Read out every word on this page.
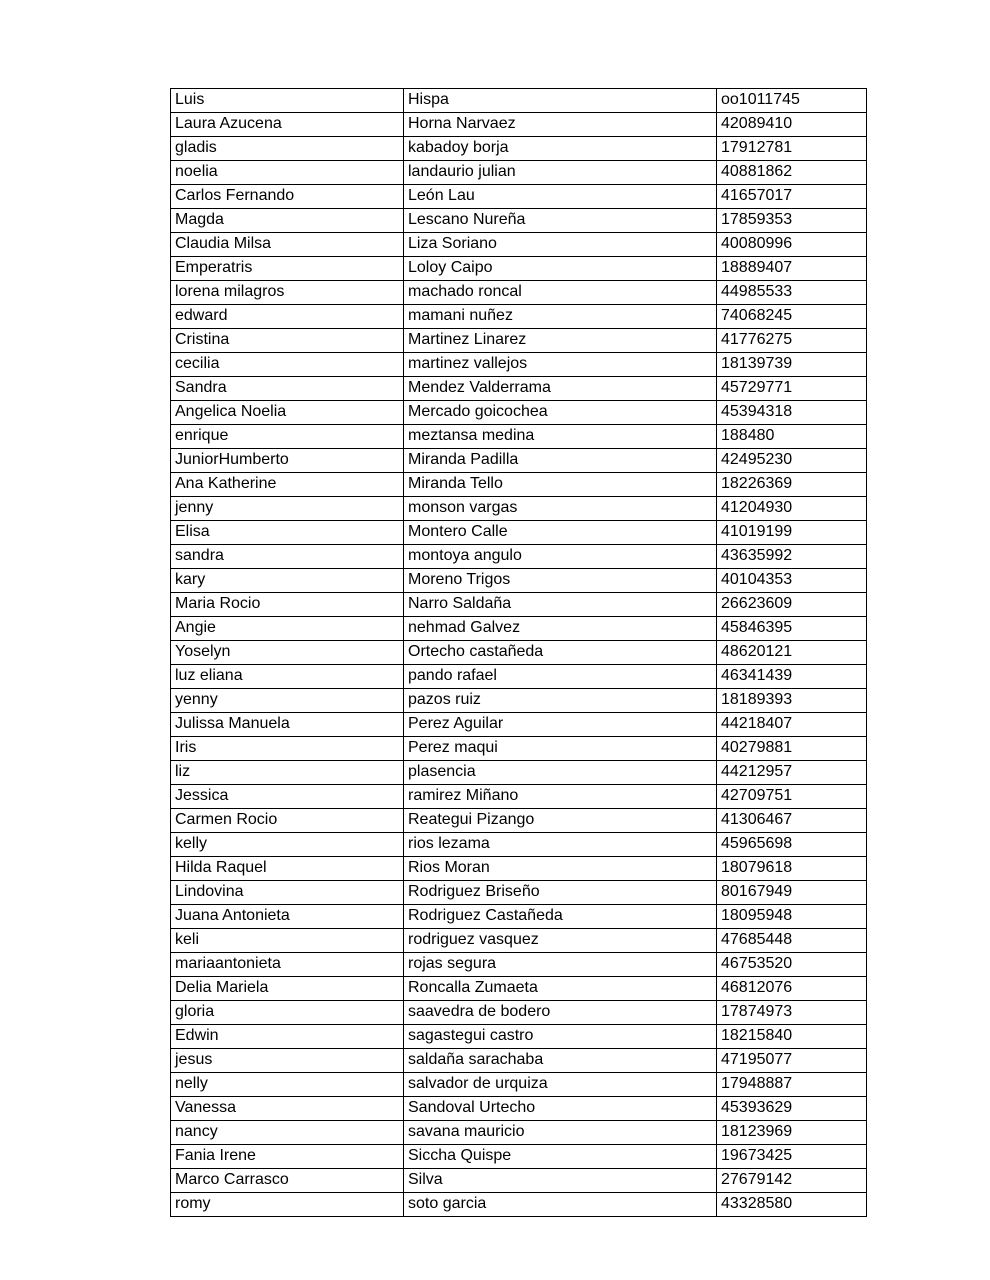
Luis	Hispa	oo1011745
Laura Azucena	Horna Narvaez	42089410
gladis	kabadoy borja	17912781
noelia	landaurio julian	40881862
Carlos Fernando	León Lau	41657017
Magda	Lescano Nureña	17859353
Claudia Milsa	Liza Soriano	40080996
Emperatris	Loloy Caipo	18889407
lorena milagros	machado roncal	44985533
edward	mamani nuñez	74068245
Cristina	Martinez Linarez	41776275
cecilia	martinez vallejos	18139739
Sandra	Mendez Valderrama	45729771
Angelica Noelia	Mercado goicochea	45394318
enrique	meztansa medina	188480
JuniorHumberto	Miranda Padilla	42495230
Ana Katherine	Miranda Tello	18226369
jenny	monson vargas	41204930
Elisa	Montero Calle	41019199
sandra	montoya angulo	43635992
kary	Moreno Trigos	40104353
Maria Rocio	Narro Saldaña	26623609
Angie	nehmad Galvez	45846395
Yoselyn	Ortecho castañeda	48620121
luz eliana	pando rafael	46341439
yenny	pazos ruiz	18189393
Julissa Manuela	Perez Aguilar	44218407
Iris	Perez maqui	40279881
liz	plasencia	44212957
Jessica	ramirez Miñano	42709751
Carmen Rocio	Reategui Pizango	41306467
kelly	rios lezama	45965698
Hilda Raquel	Rios Moran	18079618
Lindovina	Rodriguez Briseño	80167949
Juana Antonieta	Rodriguez Castañeda	18095948
keli	rodriguez vasquez	47685448
mariaantonieta	rojas segura	46753520
Delia Mariela	Roncalla Zumaeta	46812076
gloria	saavedra de bodero	17874973
Edwin	sagastegui castro	18215840
jesus	saldaña sarachaba	47195077
nelly	salvador de urquiza	17948887
Vanessa	Sandoval Urtecho	45393629
nancy	savana mauricio	18123969
Fania Irene	Siccha Quispe	19673425
Marco Carrasco	Silva	27679142
romy	soto garcia	43328580
